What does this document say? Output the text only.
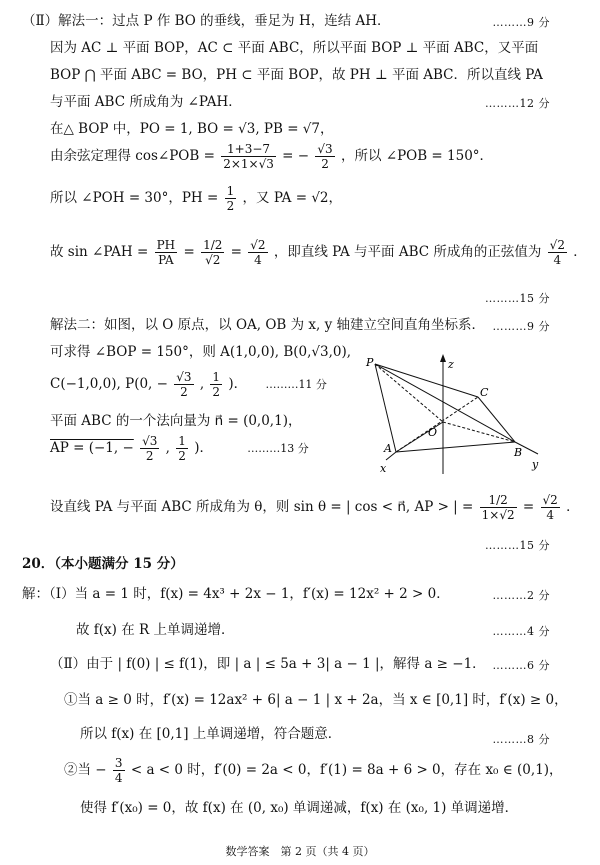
（Ⅱ）解法一：过点 P 作 BO 的垂线，垂足为 H，连结 AH．	………9 分
因为 AC ⊥ 平面 BOP，AC ⊂ 平面 ABC，所以平面 BOP ⊥ 平面 ABC，又平面
BOP ⋂ 平面 ABC = BO，PH ⊂ 平面 BOP，故 PH ⊥ 平面 ABC．所以直线 PA
与平面 ABC 所成角为 ∠PAH．	………12 分
在△ BOP 中，PO = 1, BO = √3, PB = √7，
由余弦定理得 cos∠POB = $\frac{1+3-7}{2\times 1\times√3}$ = − $\frac{√3}{2}$ ，所以 ∠POB = 150°．
所以 ∠POH = 30°，PH = $\frac{1}{2}$ ，又 PA = √2，
故 sin ∠PAH = $\frac{PH}{PA} = \frac{1/2}{√2} = \frac{√2}{4}$ ，即直线 PA 与平面 ABC 所成角的正弦值为 $\frac{√2}{4}$ ．
………15 分
解法二：如图，以 O 原点，以 OA, OB 为 x, y 轴建立空间直角坐标系． ………9 分
可求得 ∠BOP = 150°，则 A(1,0,0), B(0,√3,0),
C(−1,0,0), P(0, − $\frac{√3}{2}$ , $\frac{1}{2}$ )． ………11 分
平面 ABC 的一个法向量为 n⃗ = (0,0,1)，
AP = (−1, − $\frac{√3}{2}$ , $\frac{1}{2}$ )．	………13 分
P	z
C
O
A
x
B
y
设直线 PA 与平面 ABC 所成角为 θ，则 sin θ = | cos < n⃗, AP > | = $\frac{1/2}{1\times√2} = \frac{√2}{4}$ ．
………15 分
20．（本小题满分 15 分）
解：（Ⅰ）当 a = 1 时，f(x) = 4x³ + 2x − 1，f′(x) = 12x² + 2 > 0．	………2 分
故 f(x) 在 R 上单调递增．	………4 分
（Ⅱ）由于 | f(0) | ≤ f(1)，即 | a | ≤ 5a + 3| a − 1 |，解得 a ≥ −1． ………6 分
①当 a ≥ 0 时，f′(x) = 12ax² + 6| a − 1 | x + 2a，当 x ∈ [0,1] 时，f′(x) ≥ 0，
所以 f(x) 在 [0,1] 上单调递增，符合题意．	………8 分
②当 − $\frac{3}{4} < a < 0$ 时，f′(0) = 2a < 0，f′(1) = 8a + 6 > 0，存在 x₀ ∈ (0,1)，
使得 f′(x₀) = 0，故 f(x) 在 (0, x₀) 单调递减，f(x) 在 (x₀, 1) 单调递增．
数学答案　第 2 页（共 4 页）
